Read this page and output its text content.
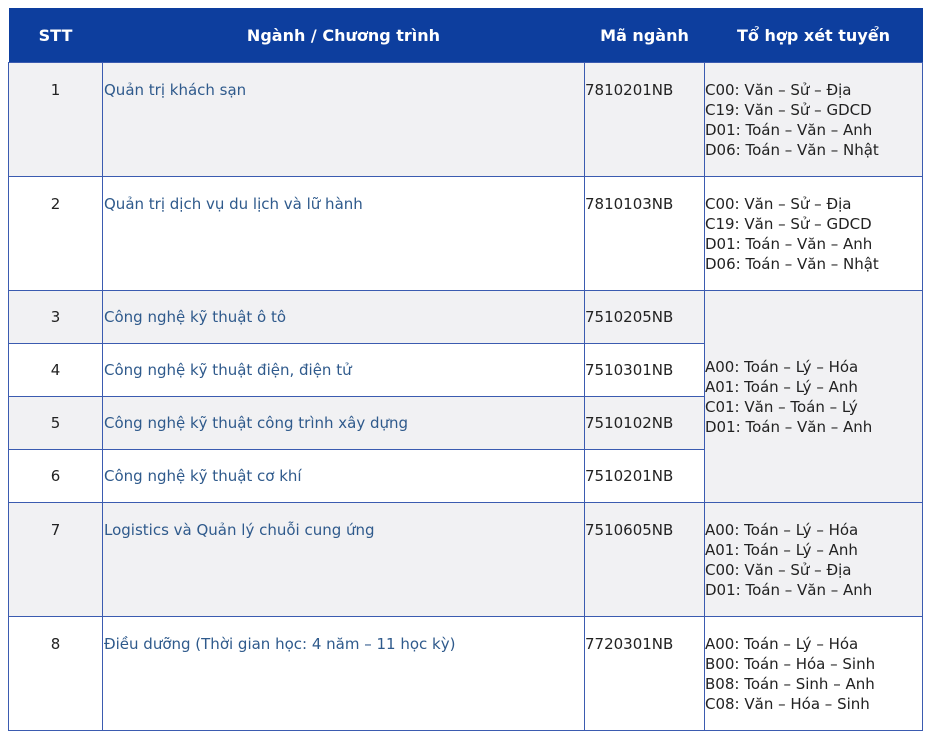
STT	Ngành / Chương trình	Mã ngành	Tổ hợp xét tuyển
1	Quản trị khách sạn	7810201NB	C00: Văn – Sử – Địa
C19: Văn – Sử – GDCD
D01: Toán – Văn – Anh
D06: Toán – Văn – Nhật

2	Quản trị dịch vụ du lịch và lữ hành	7810103NB	C00: Văn – Sử – Địa
C19: Văn – Sử – GDCD
D01: Toán – Văn – Anh
D06: Toán – Văn – Nhật

3	Công nghệ kỹ thuật ô tô	7510205NB	A00: Toán – Lý – Hóa
A01: Toán – Lý – Anh
C01: Văn – Toán – Lý
D01: Toán – Văn – Anh

4	Công nghệ kỹ thuật điện, điện tử	7510301NB	
5	Công nghệ kỹ thuật công trình xây dựng	7510102NB	
6	Công nghệ kỹ thuật cơ khí	7510201NB	
7	Logistics và Quản lý chuỗi cung ứng	7510605NB	A00: Toán – Lý – Hóa
A01: Toán – Lý – Anh
C00: Văn – Sử – Địa
D01: Toán – Văn – Anh

8	Điều dưỡng (Thời gian học: 4 năm – 11 học kỳ)	7720301NB	A00: Toán – Lý – Hóa
B00: Toán – Hóa – Sinh
B08: Toán – Sinh – Anh
C08: Văn – Hóa – Sinh
